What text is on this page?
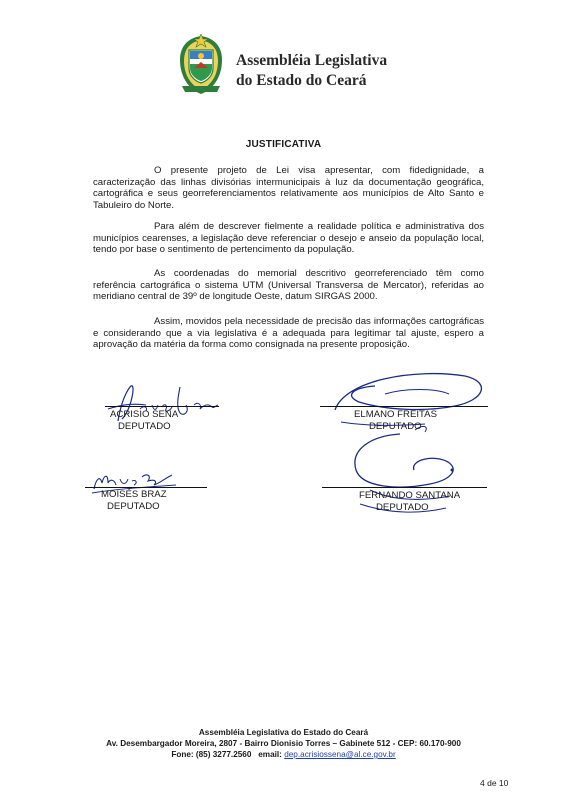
Assembléia Legislativa
do Estado do Ceará
JUSTIFICATIVA

O presente projeto de Lei visa apresentar, com fidedignidade, a caracterização das linhas divisórias intermunicipais à luz da documentação geográfica, cartográfica e seus georreferenciamentos relativamente aos municípios de Alto Santo e Tabuleiro do Norte.

Para além de descrever fielmente a realidade política e administrativa dos municípios cearenses, a legislação deve referenciar o desejo e anseio da população local, tendo por base o sentimento de pertencimento da população.

As coordenadas do memorial descritivo georreferenciado têm como referência cartográfica o sistema UTM (Universal Transversa de Mercator), referidas ao meridiano central de 39º de longitude Oeste, datum SIRGAS 2000.

Assim, movidos pela necessidade de precisão das informações cartográficas e considerando que a via legislativa é a adequada para legitimar tal ajuste, espero a aprovação da matéria da forma como consignada na presente proposição.

ACRISIO SENA
DEPUTADO
ELMANO FREITAS
DEPUTADO
MOISÉS BRAZ
DEPUTADO
FERNANDO SANTANA
DEPUTADO
Assembléia Legislativa do Estado do Ceará
Av. Desembargador Moreira, 2807 - Bairro Dionisio Torres – Gabinete 512 - CEP: 60.170-900
Fone: (85) 3277.2560 email: dep.acrisiossena@al.ce.gov.br
4 de 10
